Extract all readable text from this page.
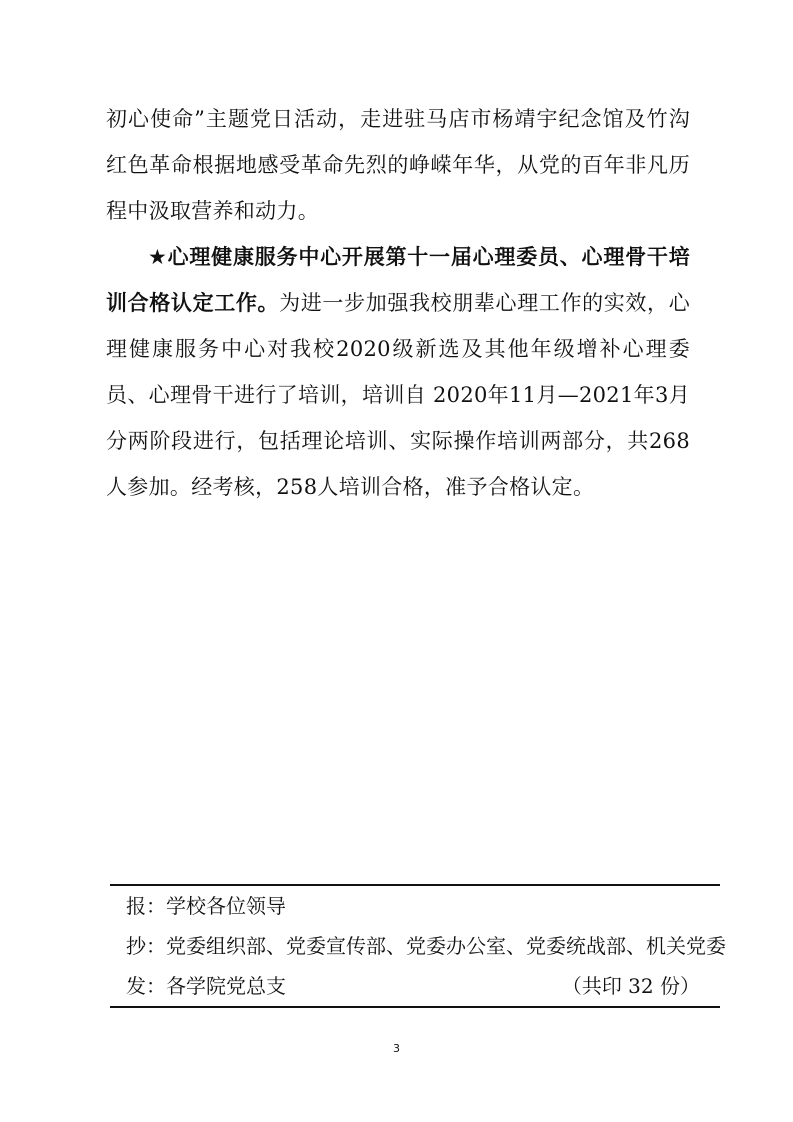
初心使命”主题党日活动，走进驻马店市杨靖宇纪念馆及竹沟红色革命根据地感受革命先烈的峥嵘年华，从党的百年非凡历程中汲取营养和动力。

★心理健康服务中心开展第十一届心理委员、心理骨干培训合格认定工作。为进一步加强我校朋辈心理工作的实效，心理健康服务中心对我校2020级新选及其他年级增补心理委员、心理骨干进行了培训，培训自 2020年11月—2021年3月分两阶段进行，包括理论培训、实际操作培训两部分，共268人参加。经考核，258人培训合格，准予合格认定。

报：学校各位领导
抄：党委组织部、党委宣传部、党委办公室、党委统战部、机关党委
发：各学院党总支	（共印 32 份）
3
